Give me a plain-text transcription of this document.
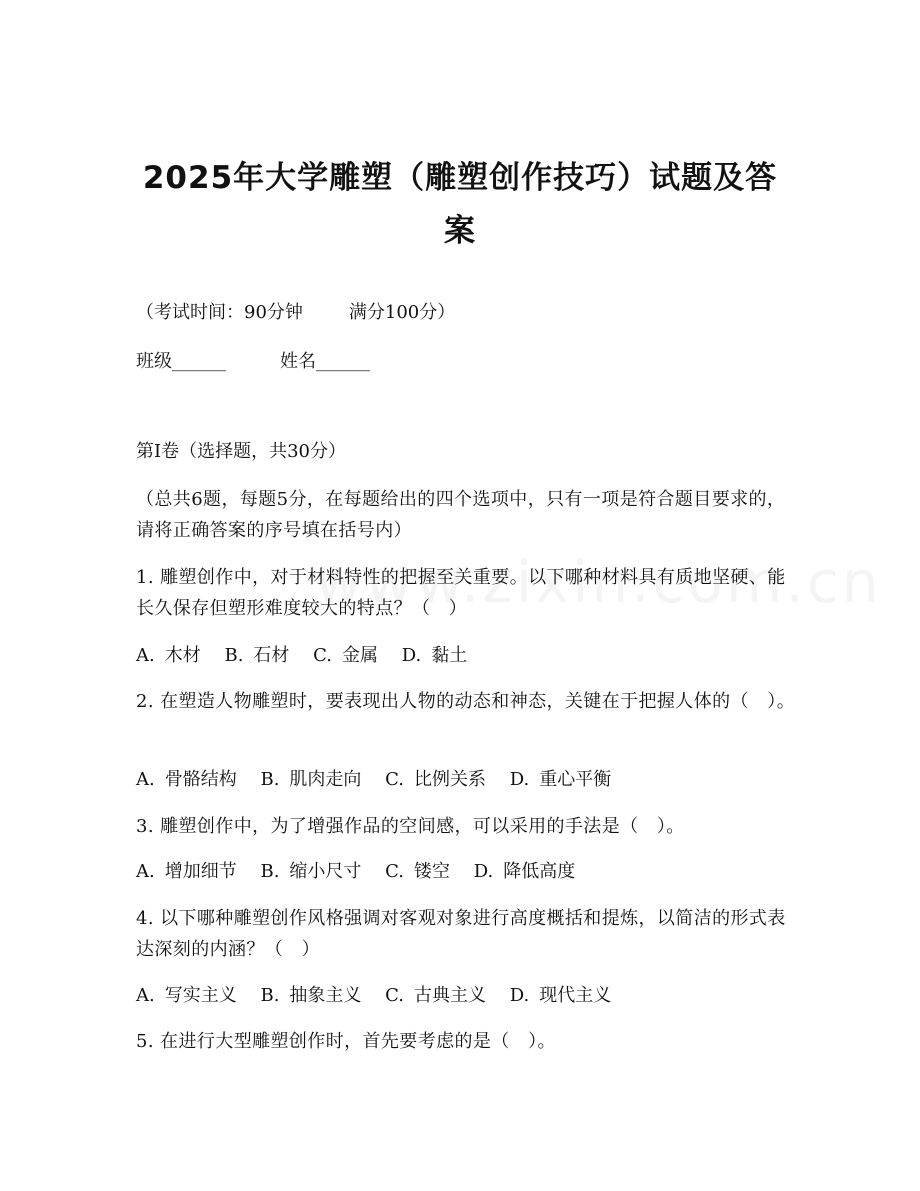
2025年大学雕塑（雕塑创作技巧）试题及答
案
（考试时间：90分钟	满分100分）
班级______	姓名______
第I卷（选择题，共30分）
（总共6题，每题5分，在每题给出的四个选项中，只有一项是符合题目要求的，请将正确答案的序号填在括号内）
1. 雕塑创作中，对于材料特性的把握至关重要。以下哪种材料具有质地坚硬、能长久保存但塑形难度较大的特点？（　）
A. 木材 B. 石材 C. 金属 D. 黏土
2. 在塑造人物雕塑时，要表现出人物的动态和神态，关键在于把握人体的（　）。
A. 骨骼结构 B. 肌肉走向 C. 比例关系 D. 重心平衡
3. 雕塑创作中，为了增强作品的空间感，可以采用的手法是（　）。
A. 增加细节 B. 缩小尺寸 C. 镂空 D. 降低高度
4. 以下哪种雕塑创作风格强调对客观对象进行高度概括和提炼，以简洁的形式表达深刻的内涵？（　）
A. 写实主义 B. 抽象主义 C. 古典主义 D. 现代主义
5. 在进行大型雕塑创作时，首先要考虑的是（　）。
